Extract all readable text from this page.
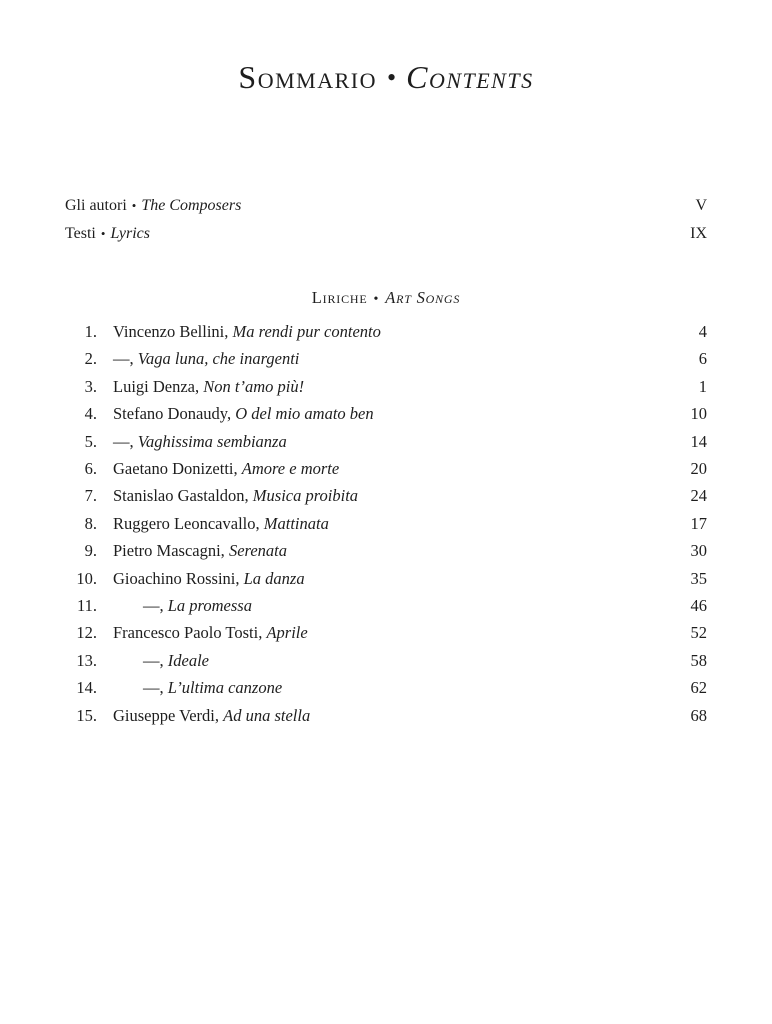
Sommario • Contents
Gli autori • The Composers	V
Testi • Lyrics	IX
Liriche • Art Songs
1. Vincenzo Bellini, Ma rendi pur contento	4
2. —, Vaga luna, che inargenti	6
3. Luigi Denza, Non t’amo più!	1
4. Stefano Donaudy, O del mio amato ben	10
5. —, Vaghissima sembianza	14
6. Gaetano Donizetti, Amore e morte	20
7. Stanislao Gastaldon, Musica proibita	24
8. Ruggero Leoncavallo, Mattinata	17
9. Pietro Mascagni, Serenata	30
10. Gioachino Rossini, La danza	35
11.	—, La promessa	46
12. Francesco Paolo Tosti, Aprile	52
13.	—, Ideale	58
14.	—, L’ultima canzone	62
15. Giuseppe Verdi, Ad una stella	68
